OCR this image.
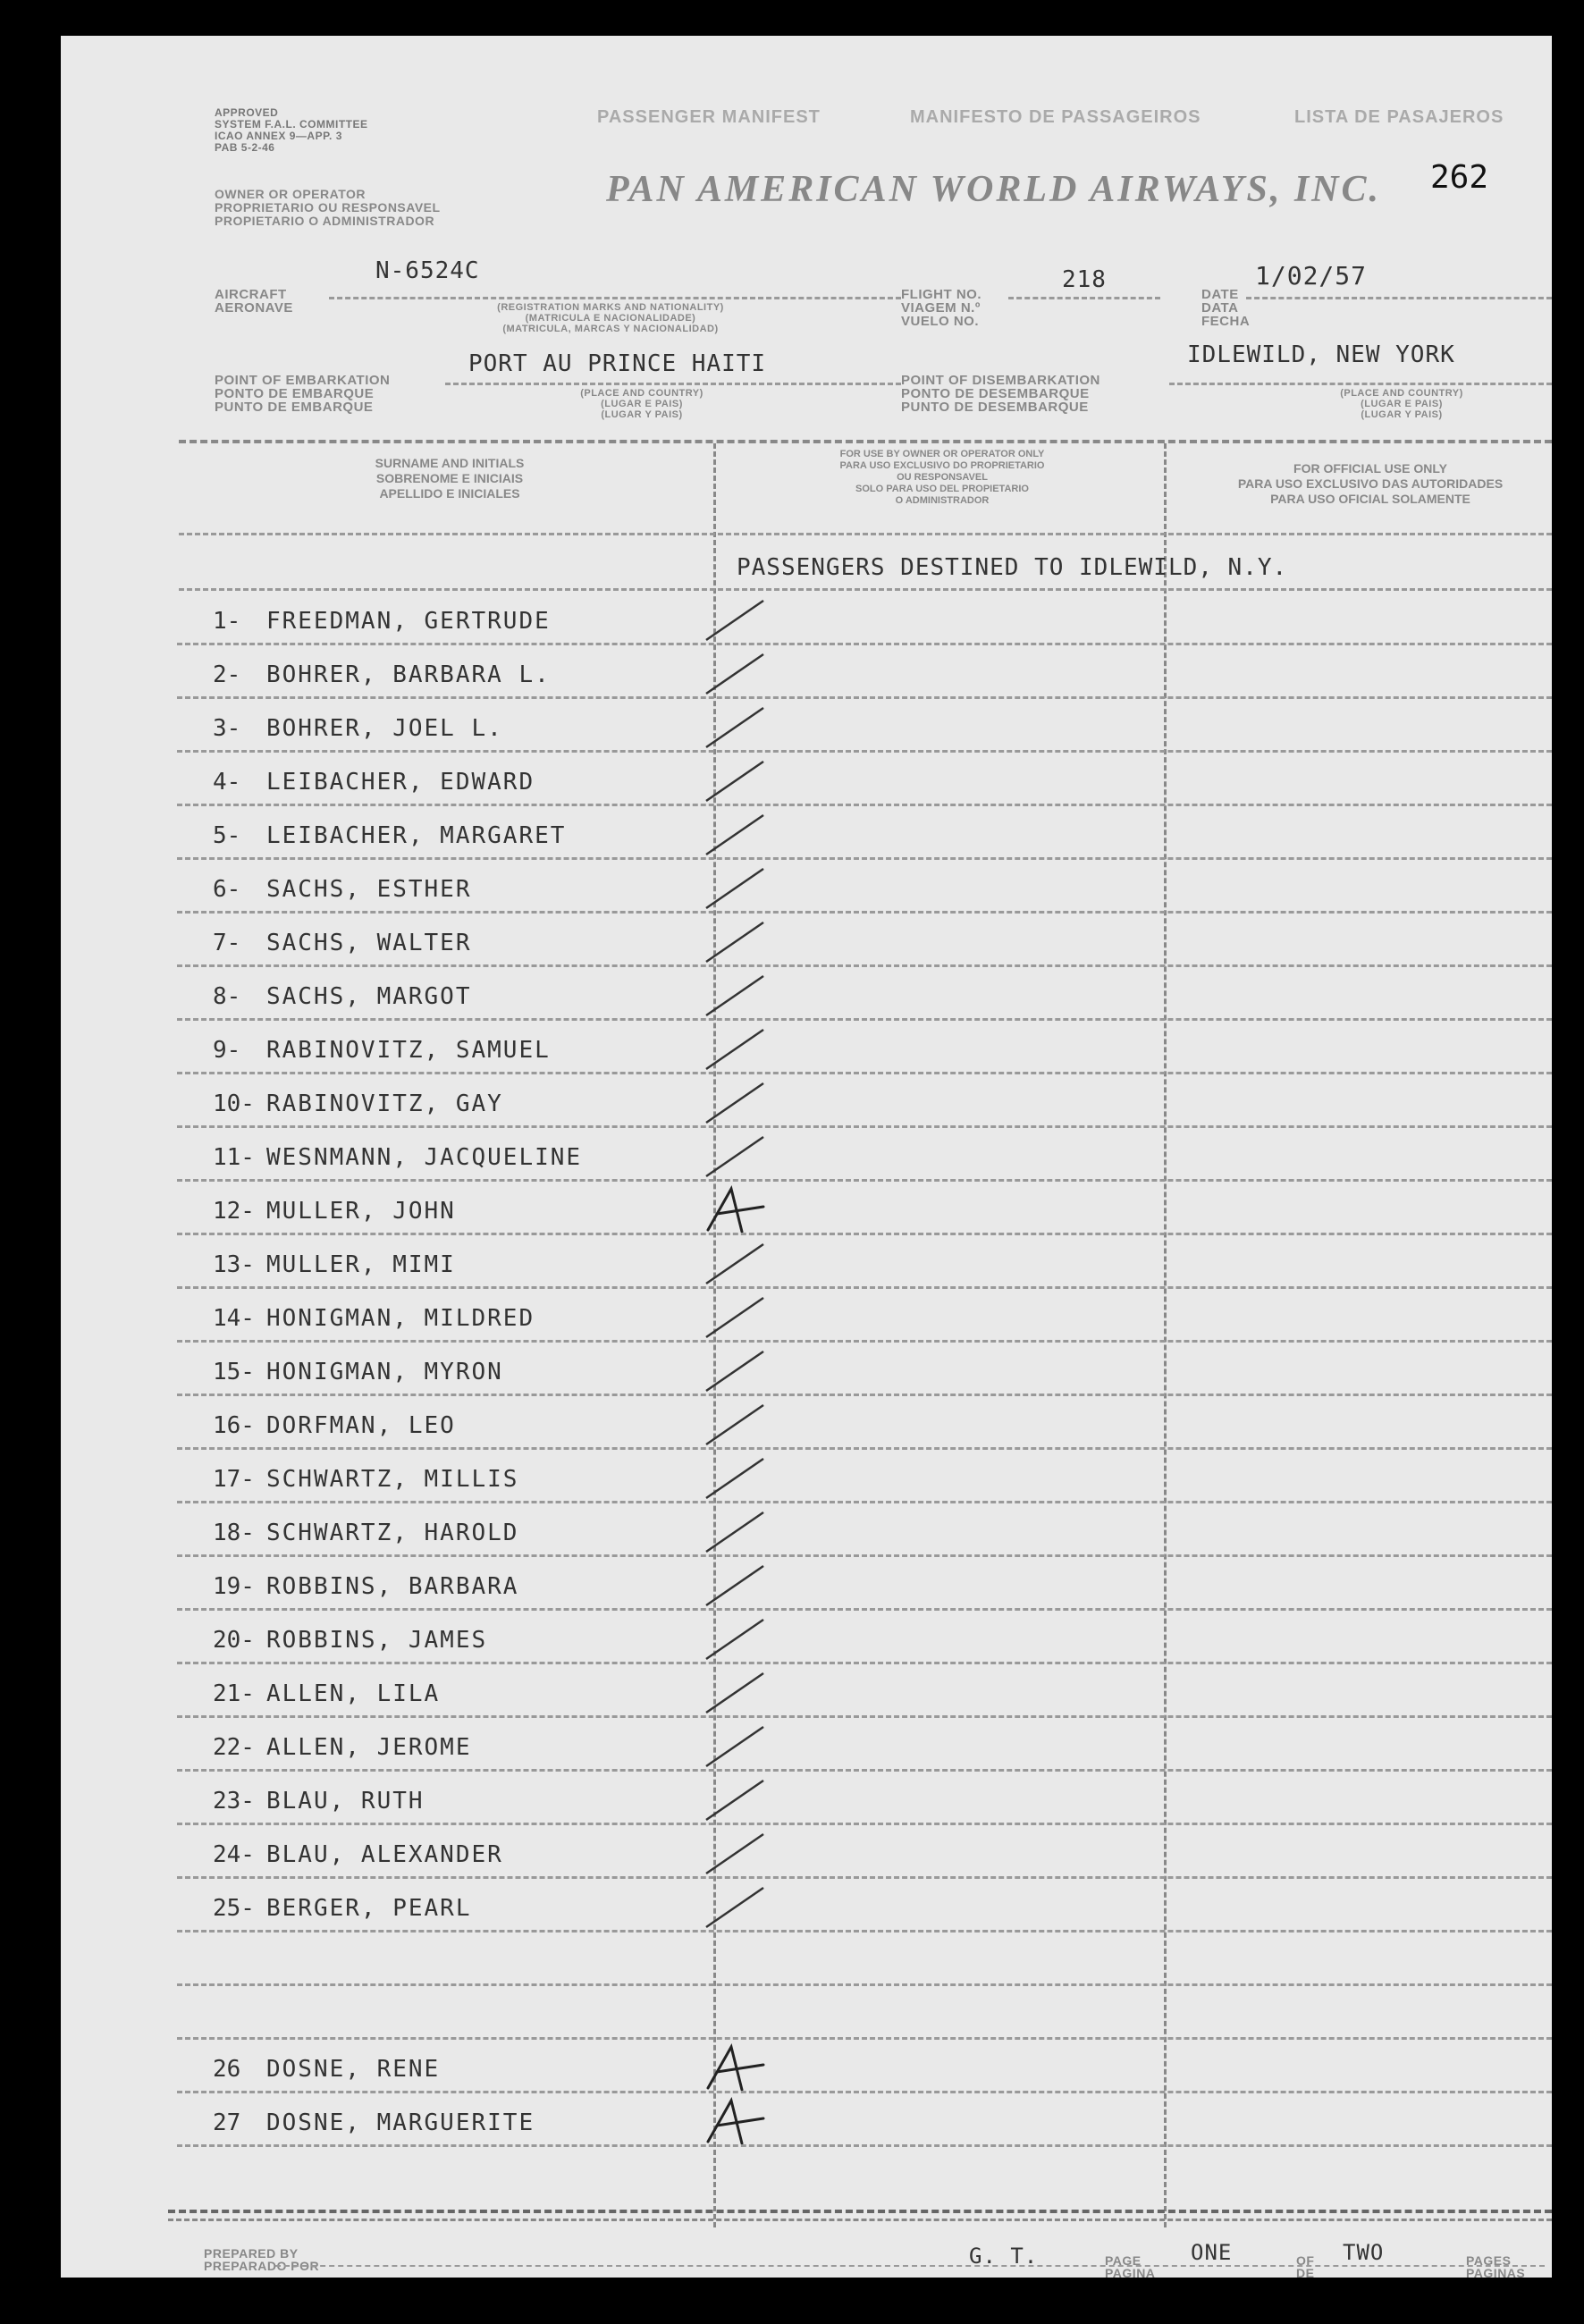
APPROVED
SYSTEM F.A.L. COMMITTEE
ICAO ANNEX 9—APP. 3
PAB 5-2-46
OWNER OR OPERATOR
PROPRIETARIO OU RESPONSAVEL
PROPIETARIO O ADMINISTRADOR
PASSENGER MANIFEST	MANIFESTO DE PASSAGEIROS	LISTA DE PASAJEROS
262
PAN AMERICAN WORLD AIRWAYS, INC.
AIRCRAFT
AERONAVE
N-6524C
(REGISTRATION MARKS AND NATIONALITY)
(MATRICULA E NACIONALIDADE)
(MATRICULA, MARCAS Y NACIONALIDAD)
FLIGHT NO.
VIAGEM N.º
VUELO NO.
218
DATE
DATA
FECHA
1/02/57
POINT OF EMBARKATION
PONTO DE EMBARQUE
PUNTO DE EMBARQUE
PORT AU PRINCE HAITI
(PLACE AND COUNTRY)
(LUGAR E PAIS)
(LUGAR Y PAIS)
POINT OF DISEMBARKATION
PONTO DE DESEMBARQUE
PUNTO DE DESEMBARQUE
IDLEWILD, NEW YORK
(PLACE AND COUNTRY)
(LUGAR E PAIS)
(LUGAR Y PAIS)
SURNAME AND INITIALS
SOBRENOME E INICIAIS
APELLIDO E INICIALES
FOR USE BY OWNER OR OPERATOR ONLY
PARA USO EXCLUSIVO DO PROPRIETARIO
OU RESPONSAVEL
SOLO PARA USO DEL PROPIETARIO
O ADMINISTRADOR
FOR OFFICIAL USE ONLY
PARA USO EXCLUSIVO DAS AUTORIDADES
PARA USO OFICIAL SOLAMENTE
PASSENGERS DESTINED TO IDLEWILD, N.Y.
1- FREEDMAN, GERTRUDE
2- BOHRER, BARBARA L.
3- BOHRER, JOEL L.
4- LEIBACHER, EDWARD
5- LEIBACHER, MARGARET
6- SACHS, ESTHER
7- SACHS, WALTER
8- SACHS, MARGOT
9- RABINOVITZ, SAMUEL
10- RABINOVITZ, GAY
11- WESNMANN, JACQUELINE
12- MULLER, JOHN
13- MULLER, MIMI
14- HONIGMAN, MILDRED
15- HONIGMAN, MYRON
16- DORFMAN, LEO
17- SCHWARTZ, MILLIS
18- SCHWARTZ, HAROLD
19- ROBBINS, BARBARA
20- ROBBINS, JAMES
21- ALLEN, LILA
22- ALLEN, JEROME
23- BLAU, RUTH
24- BLAU, ALEXANDER
25- BERGER, PEARL
26 DOSNE, RENE
27 DOSNE, MARGUERITE
PREPARED BY
PREPARADO POR	G. T.	PAGE
PAGINA
ONE	OF
DE
TWO	PAGES
PAGINAS
